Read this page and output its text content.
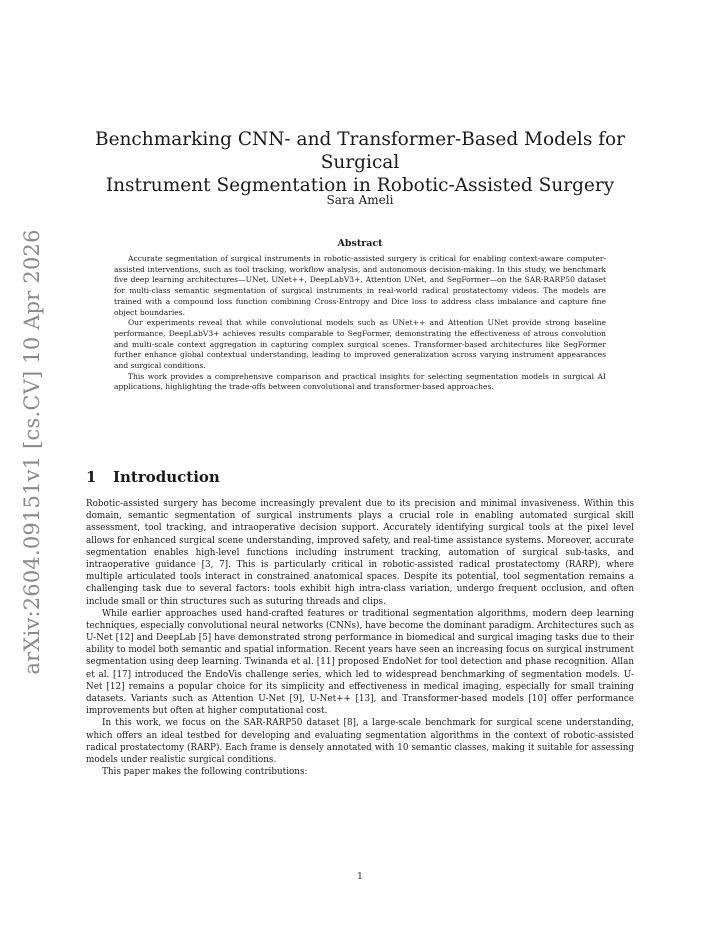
arXiv:2604.09151v1 [cs.CV] 10 Apr 2026
Benchmarking CNN- and Transformer-Based Models for Surgical
Instrument Segmentation in Robotic-Assisted Surgery
Sara Ameli
Abstract

Accurate segmentation of surgical instruments in robotic-assisted surgery is critical for enabling context-aware computer-assisted interventions, such as tool tracking, workflow analysis, and autonomous decision-making. In this study, we benchmark five deep learning architectures—UNet, UNet++, DeepLabV3+, Attention UNet, and SegFormer—on the SAR-RARP50 dataset for multi-class semantic segmentation of surgical instruments in real-world radical prostatectomy videos. The models are trained with a compound loss function combining Cross-Entropy and Dice loss to address class imbalance and capture fine object boundaries.

Our experiments reveal that while convolutional models such as UNet++ and Attention UNet provide strong baseline performance, DeepLabV3+ achieves results comparable to SegFormer, demonstrating the effectiveness of atrous convolution and multi-scale context aggregation in capturing complex surgical scenes. Transformer-based architectures like SegFormer further enhance global contextual understanding, leading to improved generalization across varying instrument appearances and surgical conditions.

This work provides a comprehensive comparison and practical insights for selecting segmentation models in surgical AI applications, highlighting the trade-offs between convolutional and transformer-based approaches.

1 Introduction

Robotic-assisted surgery has become increasingly prevalent due to its precision and minimal invasiveness. Within this domain, semantic segmentation of surgical instruments plays a crucial role in enabling automated surgical skill assessment, tool tracking, and intraoperative decision support. Accurately identifying surgical tools at the pixel level allows for enhanced surgical scene understanding, improved safety, and real-time assistance systems. Moreover, accurate segmentation enables high-level functions including instrument tracking, automation of surgical sub-tasks, and intraoperative guidance [3, 7]. This is particularly critical in robotic-assisted radical prostatectomy (RARP), where multiple articulated tools interact in constrained anatomical spaces. Despite its potential, tool segmentation remains a challenging task due to several factors: tools exhibit high intra-class variation, undergo frequent occlusion, and often include small or thin structures such as suturing threads and clips.

While earlier approaches used hand-crafted features or traditional segmentation algorithms, modern deep learning techniques, especially convolutional neural networks (CNNs), have become the dominant paradigm. Architectures such as U-Net [12] and DeepLab [5] have demonstrated strong performance in biomedical and surgical imaging tasks due to their ability to model both semantic and spatial information. Recent years have seen an increasing focus on surgical instrument segmentation using deep learning. Twinanda et al. [11] proposed EndoNet for tool detection and phase recognition. Allan et al. [17] introduced the EndoVis challenge series, which led to widespread benchmarking of segmentation models. U-Net [12] remains a popular choice for its simplicity and effectiveness in medical imaging, especially for small training datasets. Variants such as Attention U-Net [9], U-Net++ [13], and Transformer-based models [10] offer performance improvements but often at higher computational cost.

In this work, we focus on the SAR-RARP50 dataset [8], a large-scale benchmark for surgical scene understanding, which offers an ideal testbed for developing and evaluating segmentation algorithms in the context of robotic-assisted radical prostatectomy (RARP). Each frame is densely annotated with 10 semantic classes, making it suitable for assessing models under realistic surgical conditions.

This paper makes the following contributions:

1
